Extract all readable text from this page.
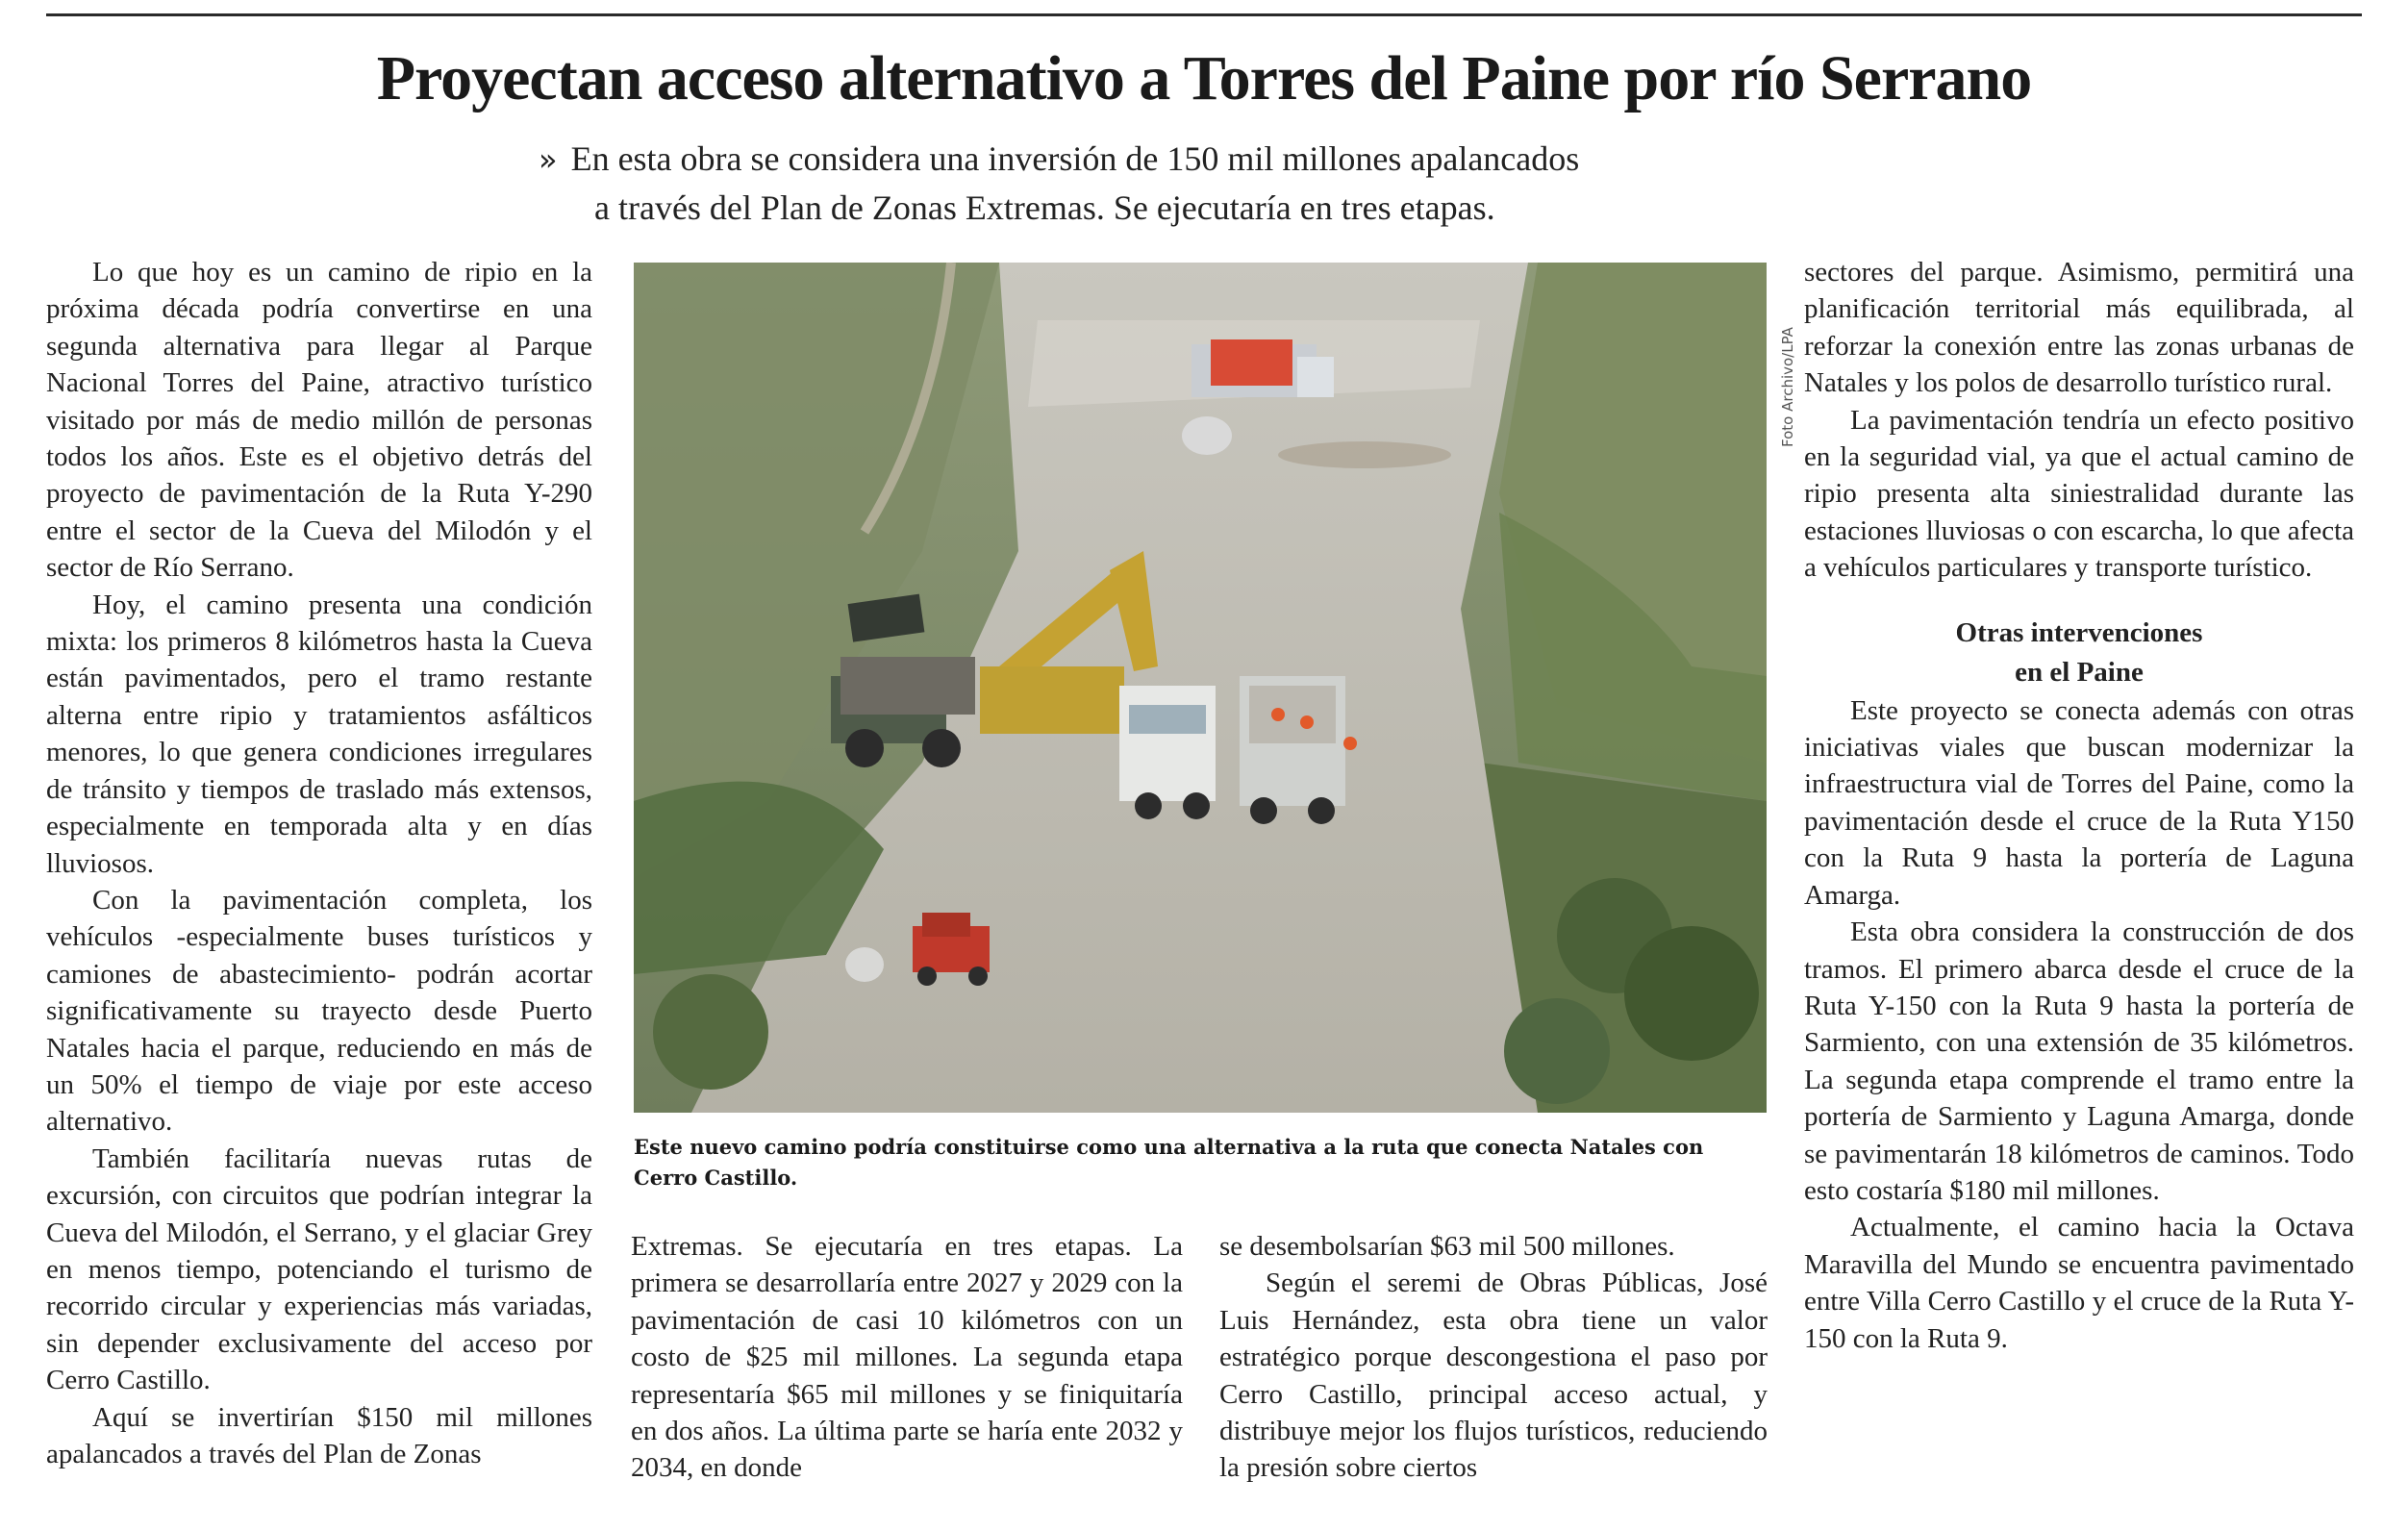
Proyectan acceso alternativo a Torres del Paine por río Serrano
» En esta obra se considera una inversión de 150 mil millones apalancados
a través del Plan de Zonas Extremas. Se ejecutaría en tres etapas.

Lo que hoy es un camino de ripio en la próxima década podría convertirse en una segunda alternativa para llegar al Parque Nacional Torres del Paine, atractivo turístico visitado por más de medio millón de personas todos los años. Este es el objetivo detrás del proyecto de pavimentación de la Ruta Y-290 entre el sector de la Cueva del Milodón y el sector de Río Serrano.

Hoy, el camino presenta una condición mixta: los primeros 8 kilómetros hasta la Cueva están pavimentados, pero el tramo restante alterna entre ripio y tratamientos asfálticos menores, lo que genera condiciones irregulares de tránsito y tiempos de traslado más extensos, especialmente en temporada alta y en días lluviosos.

Con la pavimentación completa, los vehículos -especialmente buses turísticos y camiones de abastecimiento- podrán acortar significativamente su trayecto desde Puerto Natales hacia el parque, reduciendo en más de un 50% el tiempo de viaje por este acceso alternativo.

También facilitaría nuevas rutas de excursión, con circuitos que podrían integrar la Cueva del Milodón, el Serrano, y el glaciar Grey en menos tiempo, potenciando el turismo de recorrido circular y experiencias más variadas, sin depender exclusivamente del acceso por Cerro Castillo.

Aquí se invertirían $150 mil millones apalancados a través del Plan de Zonas

Foto Archivo/LPA
Este nuevo camino podría constituirse como una alternativa a la ruta que conecta Natales con Cerro Castillo.

Extremas. Se ejecutaría en tres etapas. La primera se desarrollaría entre 2027 y 2029 con la pavimentación de casi 10 kilómetros con un costo de $25 mil millones. La segunda etapa representaría $65 mil millones y se finiquitaría en dos años. La última parte se haría ente 2032 y 2034, en donde

se desembolsarían $63 mil 500 millones.

Según el seremi de Obras Públicas, José Luis Hernández, esta obra tiene un valor estratégico porque descongestiona el paso por Cerro Castillo, principal acceso actual, y distribuye mejor los flujos turísticos, reduciendo la presión sobre ciertos

sectores del parque. Asimismo, permitirá una planificación territorial más equilibrada, al reforzar la conexión entre las zonas urbanas de Natales y los polos de desarrollo turístico rural.

La pavimentación tendría un efecto positivo en la seguridad vial, ya que el actual camino de ripio presenta alta siniestralidad durante las estaciones lluviosas o con escarcha, lo que afecta a vehículos particulares y transporte turístico.

Otras intervenciones
en el Paine

Este proyecto se conecta además con otras iniciativas viales que buscan modernizar la infraestructura vial de Torres del Paine, como la pavimentación desde el cruce de la Ruta Y150 con la Ruta 9 hasta la portería de Laguna Amarga.

Esta obra considera la construcción de dos tramos. El primero abarca desde el cruce de la Ruta Y-150 con la Ruta 9 hasta la portería de Sarmiento, con una extensión de 35 kilómetros. La segunda etapa comprende el tramo entre la portería de Sarmiento y Laguna Amarga, donde se pavimentarán 18 kilómetros de caminos. Todo esto costaría $180 mil millones.

Actualmente, el camino hacia la Octava Maravilla del Mundo se encuentra pavimentado entre Villa Cerro Castillo y el cruce de la Ruta Y-150 con la Ruta 9.
